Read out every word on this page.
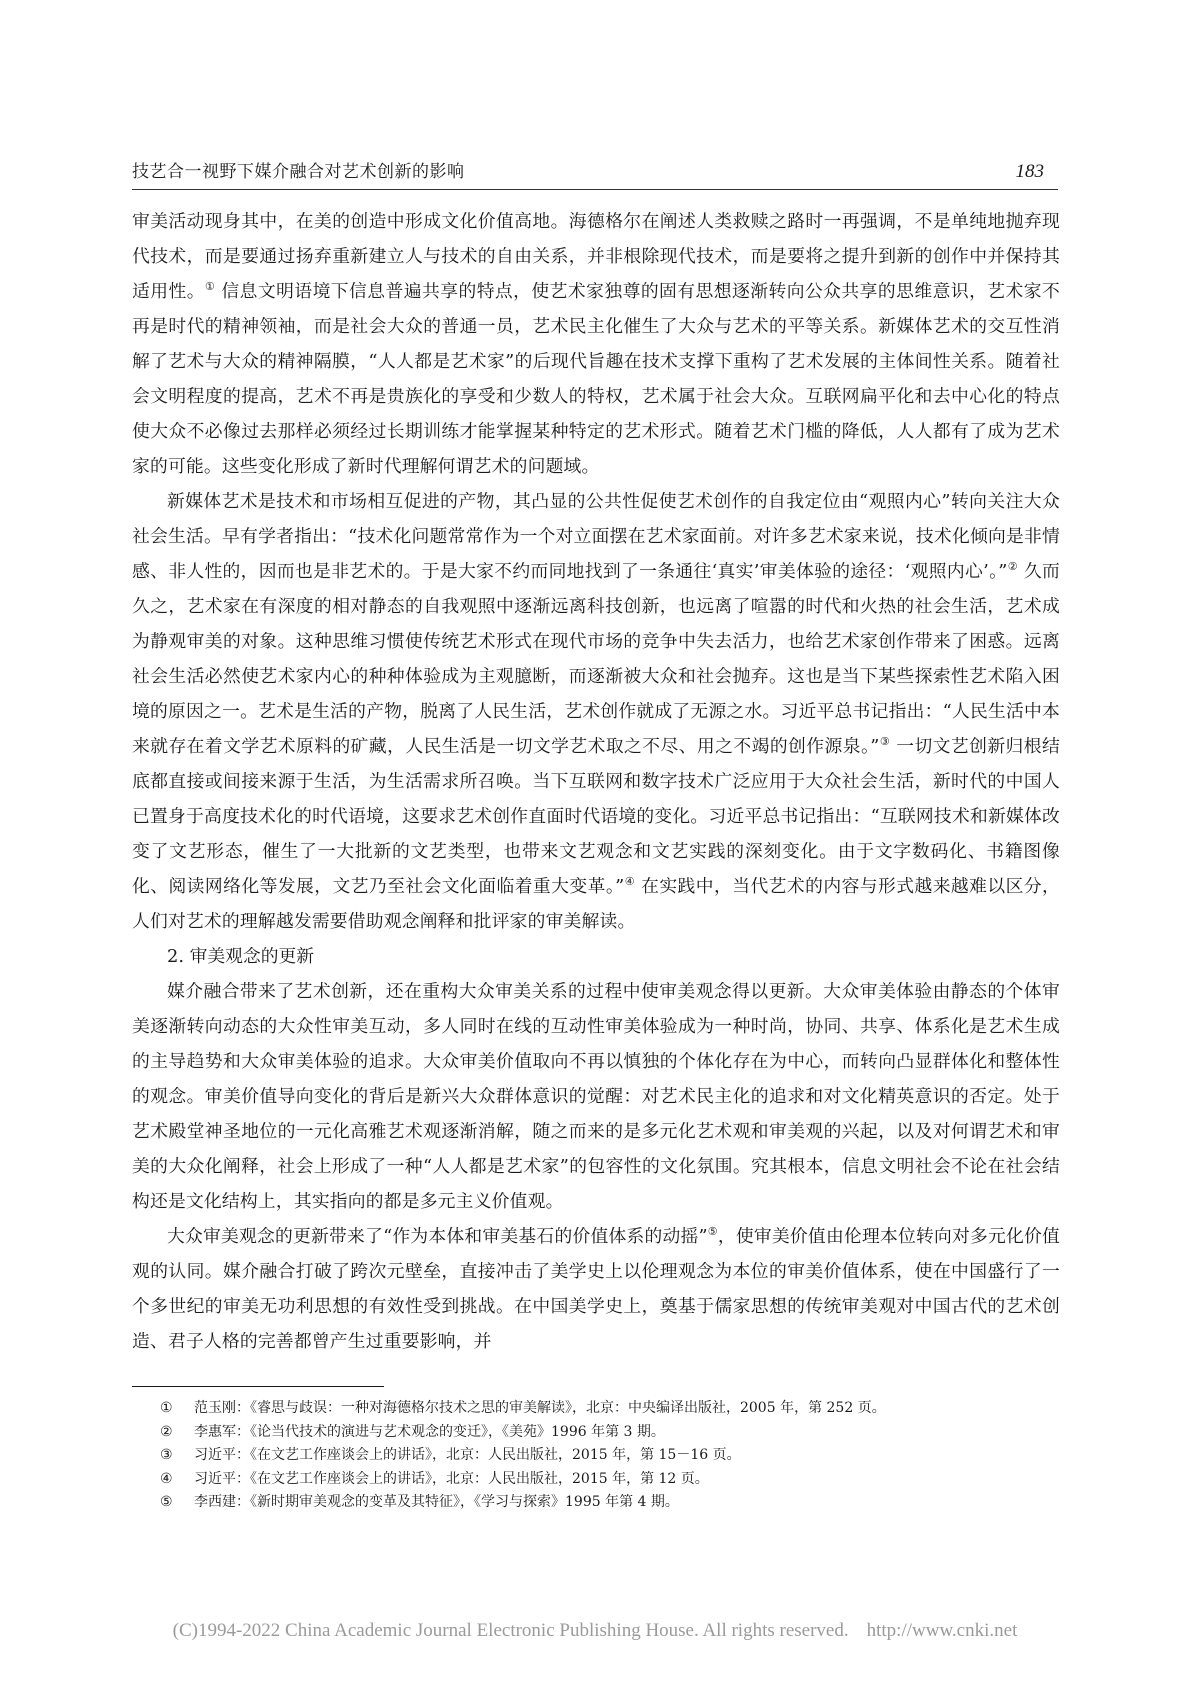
技艺合一视野下媒介融合对艺术创新的影响	183

审美活动现身其中，在美的创造中形成文化价值高地。海德格尔在阐述人类救赎之路时一再强调，不是单纯地抛弃现代技术，而是要通过扬弃重新建立人与技术的自由关系，并非根除现代技术，而是要将之提升到新的创作中并保持其适用性。① 信息文明语境下信息普遍共享的特点，使艺术家独尊的固有思想逐渐转向公众共享的思维意识，艺术家不再是时代的精神领袖，而是社会大众的普通一员，艺术民主化催生了大众与艺术的平等关系。新媒体艺术的交互性消解了艺术与大众的精神隔膜，“人人都是艺术家”的后现代旨趣在技术支撑下重构了艺术发展的主体间性关系。随着社会文明程度的提高，艺术不再是贵族化的享受和少数人的特权，艺术属于社会大众。互联网扁平化和去中心化的特点使大众不必像过去那样必须经过长期训练才能掌握某种特定的艺术形式。随着艺术门槛的降低，人人都有了成为艺术家的可能。这些变化形成了新时代理解何谓艺术的问题域。

新媒体艺术是技术和市场相互促进的产物，其凸显的公共性促使艺术创作的自我定位由“观照内心”转向关注大众社会生活。早有学者指出：“技术化问题常常作为一个对立面摆在艺术家面前。对许多艺术家来说，技术化倾向是非情感、非人性的，因而也是非艺术的。于是大家不约而同地找到了一条通往‘真实’审美体验的途径：‘观照内心’。”② 久而久之，艺术家在有深度的相对静态的自我观照中逐渐远离科技创新，也远离了喧嚣的时代和火热的社会生活，艺术成为静观审美的对象。这种思维习惯使传统艺术形式在现代市场的竞争中失去活力，也给艺术家创作带来了困惑。远离社会生活必然使艺术家内心的种种体验成为主观臆断，而逐渐被大众和社会抛弃。这也是当下某些探索性艺术陷入困境的原因之一。艺术是生活的产物，脱离了人民生活，艺术创作就成了无源之水。习近平总书记指出：“人民生活中本来就存在着文学艺术原料的矿藏，人民生活是一切文学艺术取之不尽、用之不竭的创作源泉。”③ 一切文艺创新归根结底都直接或间接来源于生活，为生活需求所召唤。当下互联网和数字技术广泛应用于大众社会生活，新时代的中国人已置身于高度技术化的时代语境，这要求艺术创作直面时代语境的变化。习近平总书记指出：“互联网技术和新媒体改变了文艺形态，催生了一大批新的文艺类型，也带来文艺观念和文艺实践的深刻变化。由于文字数码化、书籍图像化、阅读网络化等发展，文艺乃至社会文化面临着重大变革。”④ 在实践中，当代艺术的内容与形式越来越难以区分，人们对艺术的理解越发需要借助观念阐释和批评家的审美解读。

2. 审美观念的更新

媒介融合带来了艺术创新，还在重构大众审美关系的过程中使审美观念得以更新。大众审美体验由静态的个体审美逐渐转向动态的大众性审美互动，多人同时在线的互动性审美体验成为一种时尚，协同、共享、体系化是艺术生成的主导趋势和大众审美体验的追求。大众审美价值取向不再以慎独的个体化存在为中心，而转向凸显群体化和整体性的观念。审美价值导向变化的背后是新兴大众群体意识的觉醒：对艺术民主化的追求和对文化精英意识的否定。处于艺术殿堂神圣地位的一元化高雅艺术观逐渐消解，随之而来的是多元化艺术观和审美观的兴起，以及对何谓艺术和审美的大众化阐释，社会上形成了一种“人人都是艺术家”的包容性的文化氛围。究其根本，信息文明社会不论在社会结构还是文化结构上，其实指向的都是多元主义价值观。

大众审美观念的更新带来了“作为本体和审美基石的价值体系的动摇”⑤，使审美价值由伦理本位转向对多元化价值观的认同。媒介融合打破了跨次元壁垒，直接冲击了美学史上以伦理观念为本位的审美价值体系，使在中国盛行了一个多世纪的审美无功利思想的有效性受到挑战。在中国美学史上，奠基于儒家思想的传统审美观对中国古代的艺术创造、君子人格的完善都曾产生过重要影响，并

① 范玉刚：《睿思与歧误：一种对海德格尔技术之思的审美解读》，北京：中央编译出版社，2005 年，第 252 页。
② 李惠军：《论当代技术的演进与艺术观念的变迁》，《美苑》1996 年第 3 期。
③ 习近平：《在文艺工作座谈会上的讲话》，北京：人民出版社，2015 年，第 15－16 页。
④ 习近平：《在文艺工作座谈会上的讲话》，北京：人民出版社，2015 年，第 12 页。
⑤ 李西建：《新时期审美观念的变革及其特征》，《学习与探索》1995 年第 4 期。
(C)1994-2022 China Academic Journal Electronic Publishing House. All rights reserved. http://www.cnki.net
